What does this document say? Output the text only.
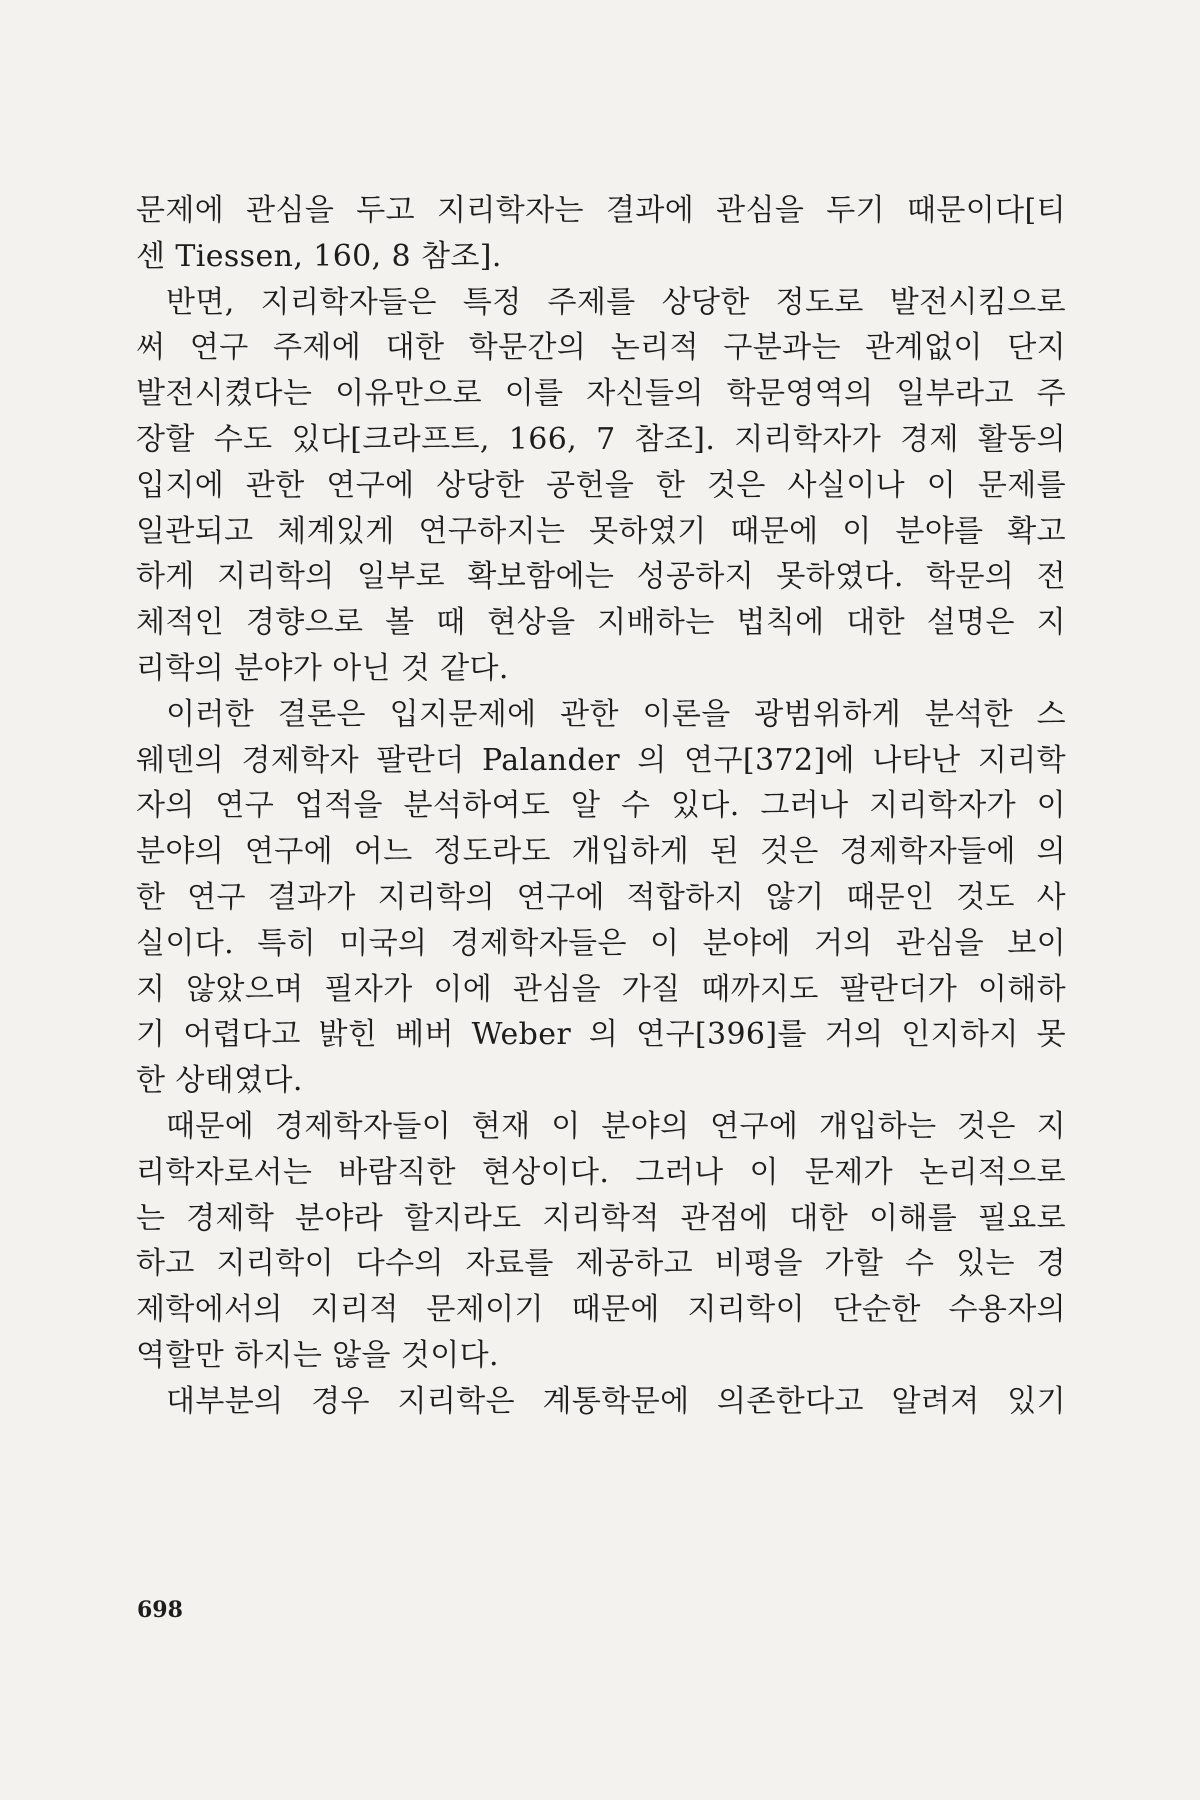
문제에 관심을 두고 지리학자는 결과에 관심을 두기 때문이다[티
센 Tiessen, 160, 8 참조].
반면, 지리학자들은 특정 주제를 상당한 정도로 발전시킴으로
써 연구 주제에 대한 학문간의 논리적 구분과는 관계없이 단지
발전시켰다는 이유만으로 이를 자신들의 학문영역의 일부라고 주
장할 수도 있다[크라프트, 166, 7 참조]. 지리학자가 경제 활동의
입지에 관한 연구에 상당한 공헌을 한 것은 사실이나 이 문제를
일관되고 체계있게 연구하지는 못하였기 때문에 이 분야를 확고
하게 지리학의 일부로 확보함에는 성공하지 못하였다. 학문의 전
체적인 경향으로 볼 때 현상을 지배하는 법칙에 대한 설명은 지
리학의 분야가 아닌 것 같다.
이러한 결론은 입지문제에 관한 이론을 광범위하게 분석한 스
웨덴의 경제학자 팔란더 Palander 의 연구[372]에 나타난 지리학
자의 연구 업적을 분석하여도 알 수 있다. 그러나 지리학자가 이
분야의 연구에 어느 정도라도 개입하게 된 것은 경제학자들에 의
한 연구 결과가 지리학의 연구에 적합하지 않기 때문인 것도 사
실이다. 특히 미국의 경제학자들은 이 분야에 거의 관심을 보이
지 않았으며 필자가 이에 관심을 가질 때까지도 팔란더가 이해하
기 어렵다고 밝힌 베버 Weber 의 연구[396]를 거의 인지하지 못
한 상태였다.
때문에 경제학자들이 현재 이 분야의 연구에 개입하는 것은 지
리학자로서는 바람직한 현상이다. 그러나 이 문제가 논리적으로
는 경제학 분야라 할지라도 지리학적 관점에 대한 이해를 필요로
하고 지리학이 다수의 자료를 제공하고 비평을 가할 수 있는 경
제학에서의 지리적 문제이기 때문에 지리학이 단순한 수용자의
역할만 하지는 않을 것이다.
대부분의 경우 지리학은 계통학문에 의존한다고 알려져 있기
698
